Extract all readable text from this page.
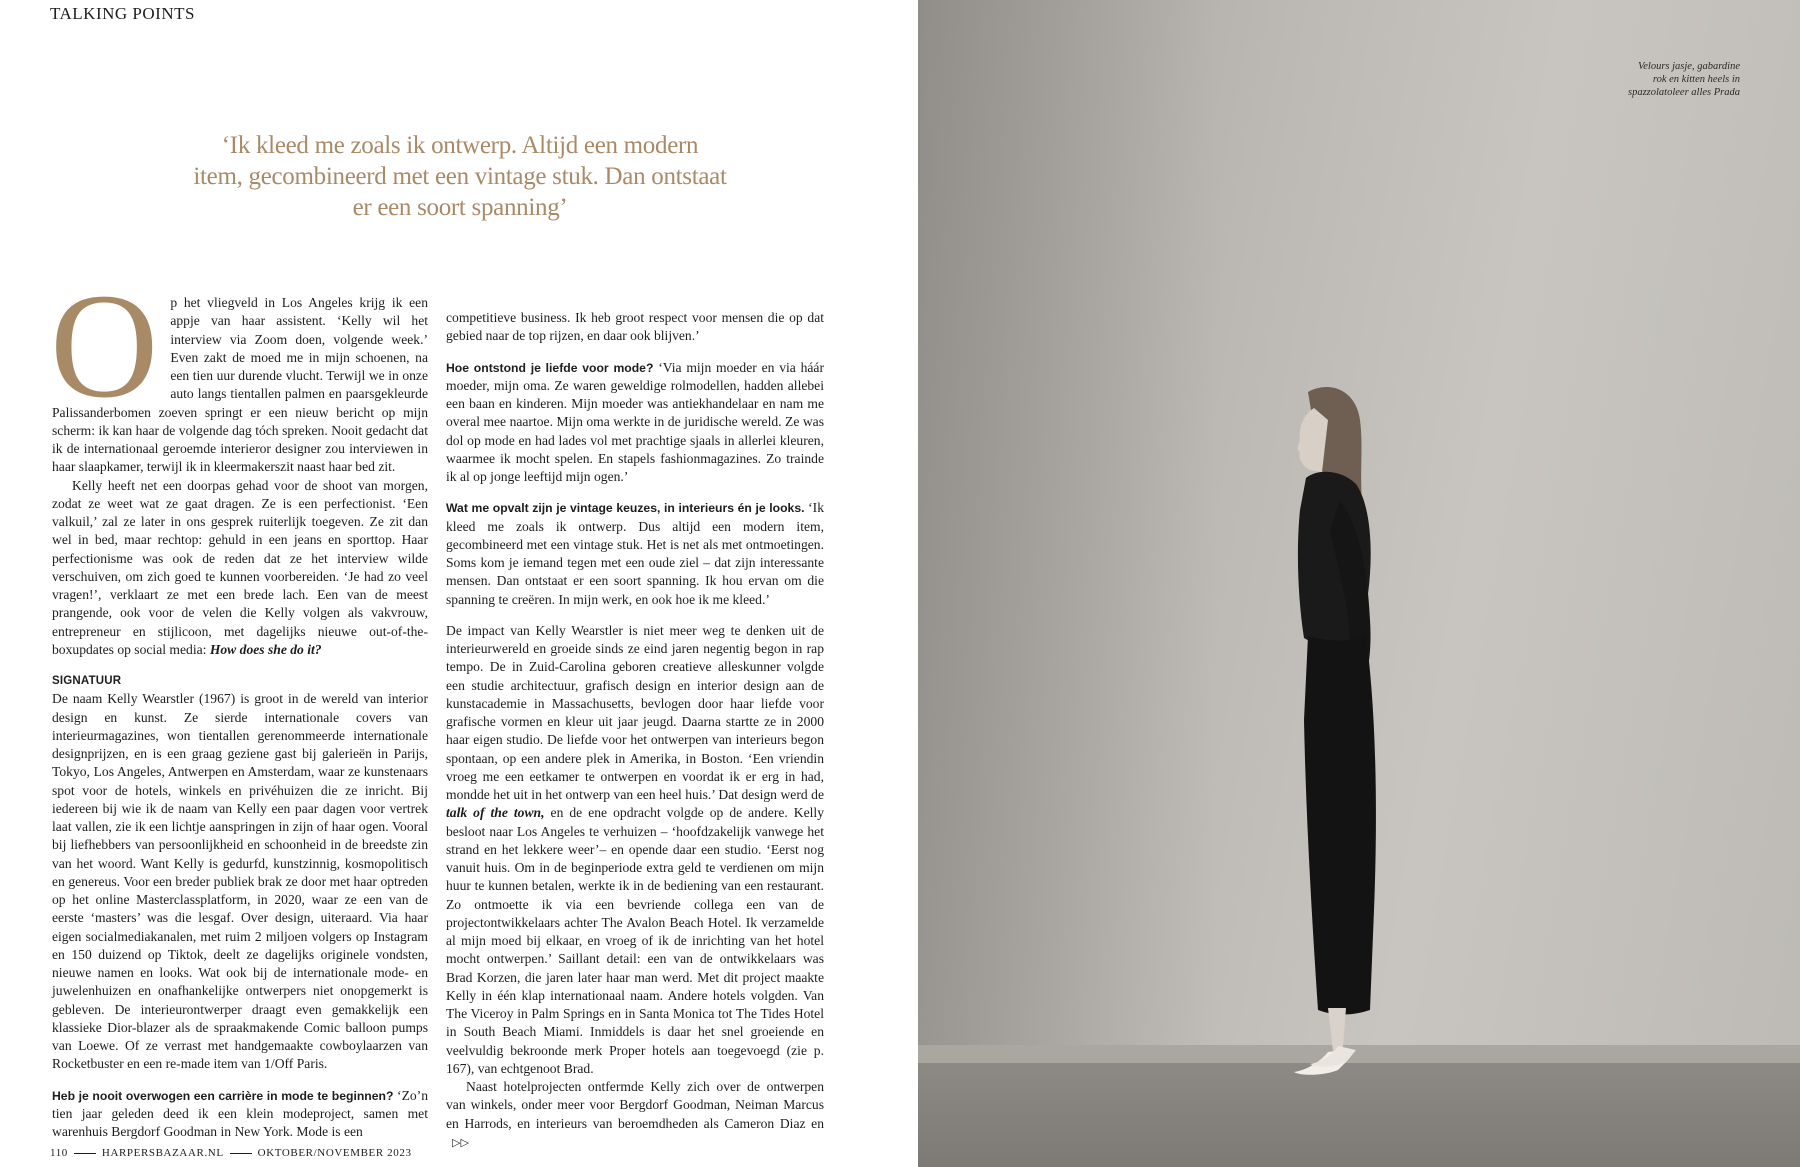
TALKING POINTS
‘Ik kleed me zoals ik ontwerp. Altijd een modern
item, gecombineerd met een vintage stuk. Dan ontstaat
er een soort spanning’
O p het vliegveld in Los Angeles krijg ik een appje van haar assistent. ‘Kelly wil het interview via Zoom doen, volgende week.’ Even zakt de moed me in mijn schoenen, na een tien uur durende vlucht. Terwijl we in onze auto langs tientallen palmen en paarsgekleurde Palissanderbomen zoeven springt er een nieuw bericht op mijn scherm: ik kan haar de volgende dag tóch spreken. Nooit gedacht dat ik de internationaal geroemde interieror designer zou interviewen in haar slaapkamer, terwijl ik in kleermakerszit naast haar bed zit.
Kelly heeft net een doorpas gehad voor de shoot van morgen, zodat ze weet wat ze gaat dragen. Ze is een perfectionist. ‘Een valkuil,’ zal ze later in ons gesprek ruiterlijk toegeven. Ze zit dan wel in bed, maar rechtop: gehuld in een jeans en sporttop. Haar perfectionisme was ook de reden dat ze het interview wilde verschuiven, om zich goed te kunnen voorbereiden. ‘Je had zo veel vragen!’, verklaart ze met een brede lach. Een van de meest prangende, ook voor de velen die Kelly volgen als vakvrouw, entrepreneur en stijlicoon, met dagelijks nieuwe out-of-the-boxupdates op social media: How does she do it?
SIGNATUUR
De naam Kelly Wearstler (1967) is groot in de wereld van interior design en kunst. Ze sierde internationale covers van interieurmagazines, won tientallen gerenommeerde internationale designprijzen, en is een graag geziene gast bij galerieën in Parijs, Tokyo, Los Angeles, Antwerpen en Amsterdam, waar ze kunstenaars spot voor de hotels, winkels en privéhuizen die ze inricht. Bij iedereen bij wie ik de naam van Kelly een paar dagen voor vertrek laat vallen, zie ik een lichtje aanspringen in zijn of haar ogen. Vooral bij liefhebbers van persoonlijkheid en schoonheid in de breedste zin van het woord. Want Kelly is gedurfd, kunstzinnig, kosmopolitisch en genereus. Voor een breder publiek brak ze door met haar optreden op het online Masterclassplatform, in 2020, waar ze een van de eerste ‘masters’ was die lesgaf. Over design, uiteraard. Via haar eigen socialmediakanalen, met ruim 2 miljoen volgers op Instagram en 150 duizend op Tiktok, deelt ze dagelijks originele vondsten, nieuwe namen en looks. Wat ook bij de internationale mode- en juwelenhuizen en onafhankelijke ontwerpers niet onopgemerkt is gebleven. De interieurontwerper draagt even gemakkelijk een klassieke Dior-blazer als de spraakmakende Comic balloon pumps van Loewe. Of ze verrast met handgemaakte cowboylaarzen van Rocketbuster en een re-made item van 1/Off Paris.
Heb je nooit overwogen een carrière in mode te beginnen? ‘Zo’n tien jaar geleden deed ik een klein modeproject, samen met warenhuis Bergdorf Goodman in New York. Mode is een
competitieve business. Ik heb groot respect voor mensen die op dat gebied naar de top rijzen, en daar ook blijven.’
Hoe ontstond je liefde voor mode? ‘Via mijn moeder en via háár moeder, mijn oma. Ze waren geweldige rolmodellen, hadden allebei een baan en kinderen. Mijn moeder was antiekhandelaar en nam me overal mee naartoe. Mijn oma werkte in de juridische wereld. Ze was dol op mode en had lades vol met prachtige sjaals in allerlei kleuren, waarmee ik mocht spelen. En stapels fashionmagazines. Zo trainde ik al op jonge leeftijd mijn ogen.’
Wat me opvalt zijn je vintage keuzes, in interieurs én je looks. ‘Ik kleed me zoals ik ontwerp. Dus altijd een modern item, gecombineerd met een vintage stuk. Het is net als met ontmoetingen. Soms kom je iemand tegen met een oude ziel – dat zijn interessante mensen. Dan ontstaat er een soort spanning. Ik hou ervan om die spanning te creëren. In mijn werk, en ook hoe ik me kleed.’
De impact van Kelly Wearstler is niet meer weg te denken uit de interieurwereld en groeide sinds ze eind jaren negentig begon in rap tempo. De in Zuid-Carolina geboren creatieve alleskunner volgde een studie architectuur, grafisch design en interior design aan de kunstacademie in Massachusetts, bevlogen door haar liefde voor grafische vormen en kleur uit jaar jeugd. Daarna startte ze in 2000 haar eigen studio. De liefde voor het ontwerpen van interieurs begon spontaan, op een andere plek in Amerika, in Boston. ‘Een vriendin vroeg me een eetkamer te ontwerpen en voordat ik er erg in had, mondde het uit in het ontwerp van een heel huis.’ Dat design werd de talk of the town, en de ene opdracht volgde op de andere. Kelly besloot naar Los Angeles te verhuizen – ‘hoofdzakelijk vanwege het strand en het lekkere weer’– en opende daar een studio. ‘Eerst nog vanuit huis. Om in de beginperiode extra geld te verdienen om mijn huur te kunnen betalen, werkte ik in de bediening van een restaurant. Zo ontmoette ik via een bevriende collega een van de projectontwikkelaars achter The Avalon Beach Hotel. Ik verzamelde al mijn moed bij elkaar, en vroeg of ik de inrichting van het hotel mocht ontwerpen.’ Saillant detail: een van de ontwikkelaars was Brad Korzen, die jaren later haar man werd. Met dit project maakte Kelly in één klap internationaal naam. Andere hotels volgden. Van The Viceroy in Palm Springs en in Santa Monica tot The Tides Hotel in South Beach Miami. Inmiddels is daar het snel groeiende en veelvuldig bekroonde merk Proper hotels aan toegevoegd (zie p. 167), van echtgenoot Brad.
Naast hotelprojecten ontfermde Kelly zich over de ontwerpen van winkels, onder meer voor Bergdorf Goodman, Neiman Marcus en Harrods, en interieurs van beroemdheden als Cameron Diaz en ▷▷
110	HARPERSBAZAAR.NL	OKTOBER/NOVEMBER 2023
Velours jasje, gabardine
rok en kitten heels in
spazzolatoleer alles Prada
